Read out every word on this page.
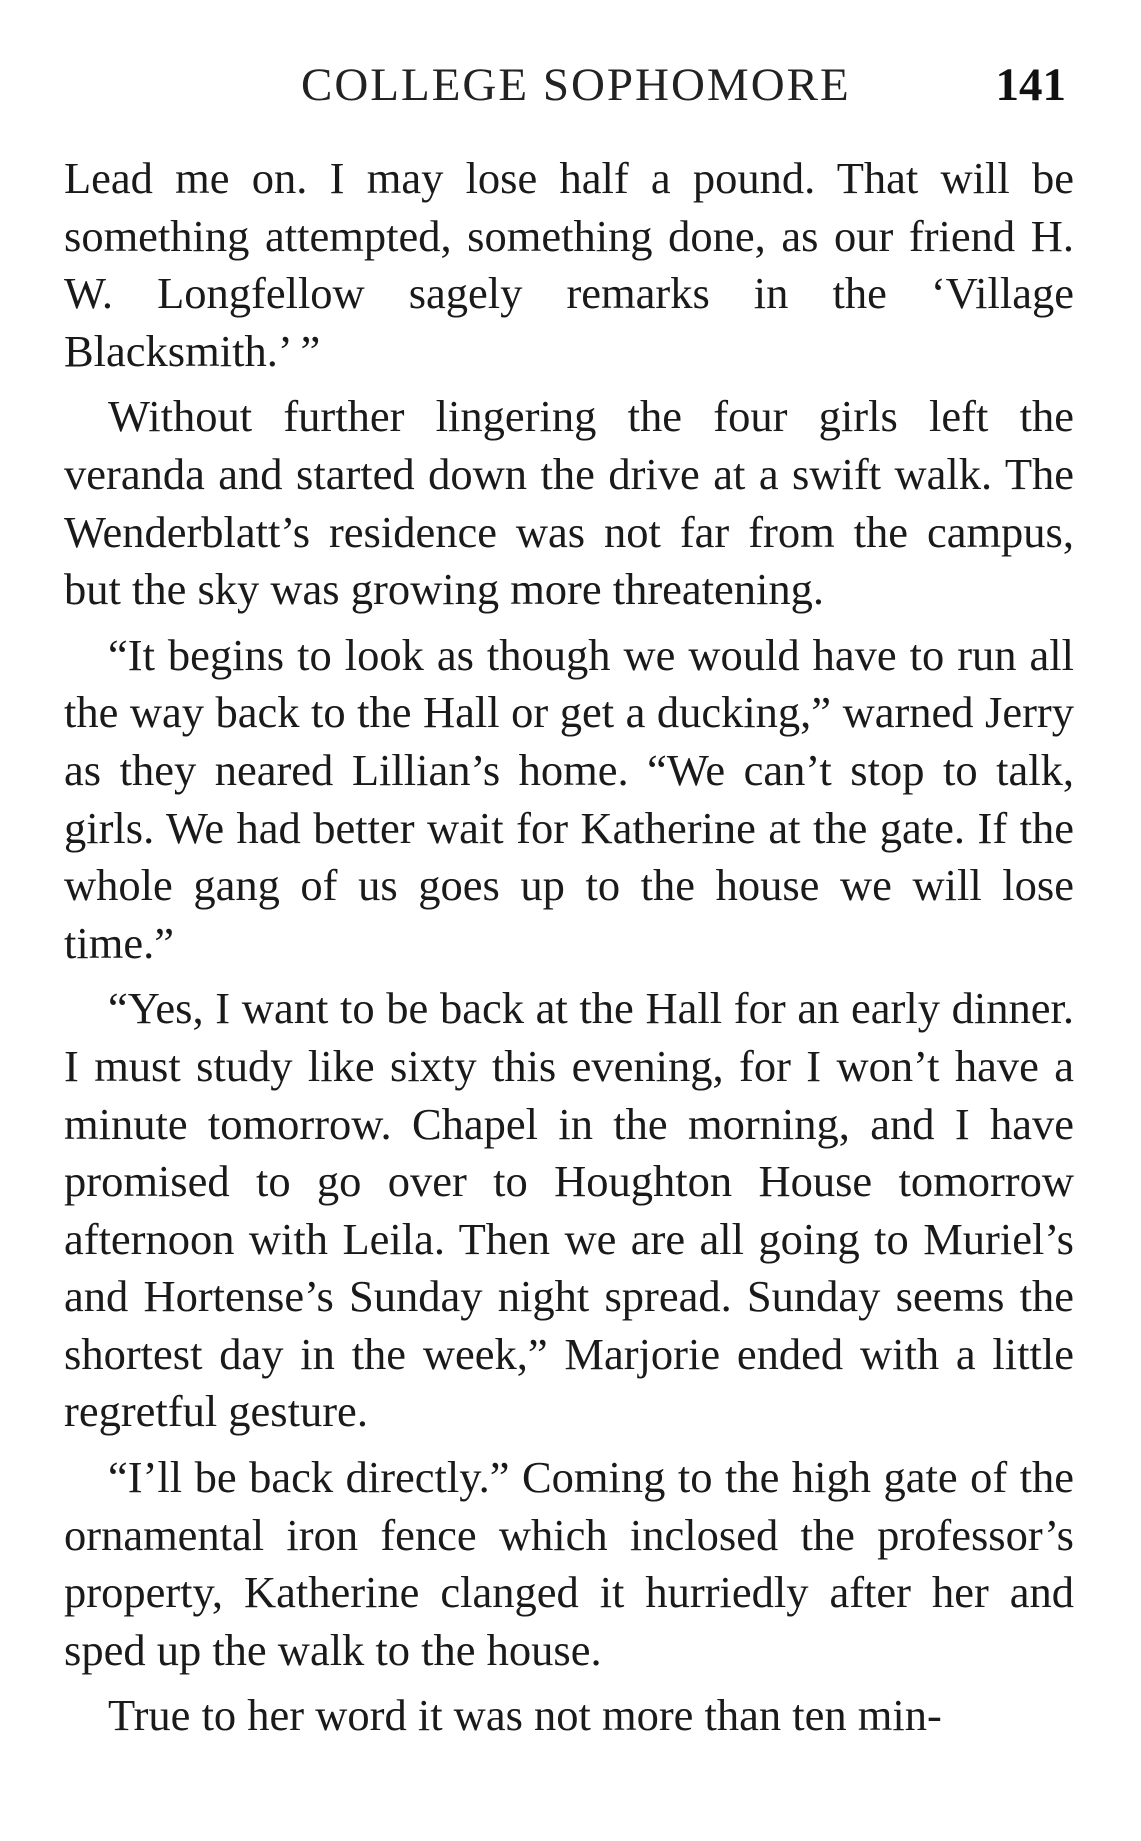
COLLEGE SOPHOMORE	141

Lead me on. I may lose half a pound. That will be something attempted, something done, as our friend H. W. Longfellow sagely remarks in the ‘Village Blacksmith.’ ”

Without further lingering the four girls left the veranda and started down the drive at a swift walk. The Wenderblatt’s residence was not far from the campus, but the sky was growing more threatening.

“It begins to look as though we would have to run all the way back to the Hall or get a ducking,” warned Jerry as they neared Lillian’s home. “We can’t stop to talk, girls. We had better wait for Katherine at the gate. If the whole gang of us goes up to the house we will lose time.”

“Yes, I want to be back at the Hall for an early dinner. I must study like sixty this evening, for I won’t have a minute tomorrow. Chapel in the morning, and I have promised to go over to Houghton House tomorrow afternoon with Leila. Then we are all going to Muriel’s and Hortense’s Sunday night spread. Sunday seems the shortest day in the week,” Marjorie ended with a little regretful gesture.

“I’ll be back directly.” Coming to the high gate of the ornamental iron fence which inclosed the professor’s property, Katherine clanged it hurriedly after her and sped up the walk to the house.

True to her word it was not more than ten min-
